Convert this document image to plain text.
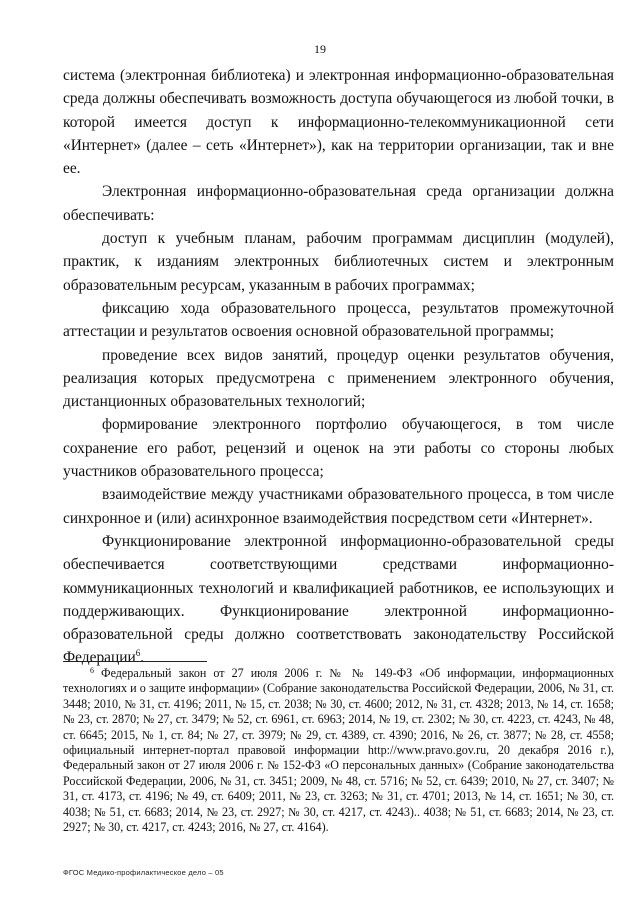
19

система (электронная библиотека) и электронная информационно-образовательная среда должны обеспечивать возможность доступа обучающегося из любой точки, в которой имеется доступ к информационно-телекоммуникационной сети «Интернет» (далее – сеть «Интернет»), как на территории организации, так и вне ее.

Электронная информационно-образовательная среда организации должна обеспечивать:

доступ к учебным планам, рабочим программам дисциплин (модулей), практик, к изданиям электронных библиотечных систем и электронным образовательным ресурсам, указанным в рабочих программах;

фиксацию хода образовательного процесса, результатов промежуточной аттестации и результатов освоения основной образовательной программы;

проведение всех видов занятий, процедур оценки результатов обучения, реализация которых предусмотрена с применением электронного обучения, дистанционных образовательных технологий;

формирование электронного портфолио обучающегося, в том числе сохранение его работ, рецензий и оценок на эти работы со стороны любых участников образовательного процесса;

взаимодействие между участниками образовательного процесса, в том числе синхронное и (или) асинхронное взаимодействия посредством сети «Интернет».

Функционирование электронной информационно-образовательной среды обеспечивается соответствующими средствами информационно-коммуникационных технологий и квалификацией работников, ее использующих и поддерживающих. Функционирование электронной информационно-образовательной среды должно соответствовать законодательству Российской Федерации$^6$.

$^6$ Федеральный закон от 27 июля 2006 г. № № 149-ФЗ «Об информации, информационных технологиях и о защите информации» (Собрание законодательства Российской Федерации, 2006, № 31, ст. 3448; 2010, № 31, ст. 4196; 2011, № 15, ст. 2038; № 30, ст. 4600; 2012, № 31, ст. 4328; 2013, № 14, ст. 1658; № 23, ст. 2870; № 27, ст. 3479; № 52, ст. 6961, ст. 6963; 2014, № 19, ст. 2302; № 30, ст. 4223, ст. 4243, № 48, ст. 6645; 2015, № 1, ст. 84; № 27, ст. 3979; № 29, ст. 4389, ст. 4390; 2016, № 26, ст. 3877; № 28, ст. 4558; официальный интернет-портал правовой информации http://www.pravo.gov.ru, 20 декабря 2016 г.), Федеральный закон от 27 июля 2006 г. № 152-ФЗ «О персональных данных» (Собрание законодательства Российской Федерации, 2006, № 31, ст. 3451; 2009, № 48, ст. 5716; № 52, ст. 6439; 2010, № 27, ст. 3407; № 31, ст. 4173, ст. 4196; № 49, ст. 6409; 2011, № 23, ст. 3263; № 31, ст. 4701; 2013, № 14, ст. 1651; № 30, ст. 4038; № 51, ст. 6683; 2014, № 23, ст. 2927; № 30, ст. 4217, ст. 4243).. 4038; № 51, ст. 6683; 2014, № 23, ст. 2927; № 30, ст. 4217, ст. 4243; 2016, № 27, ст. 4164).

ФГОС Медико-профилактическое дело – 05
